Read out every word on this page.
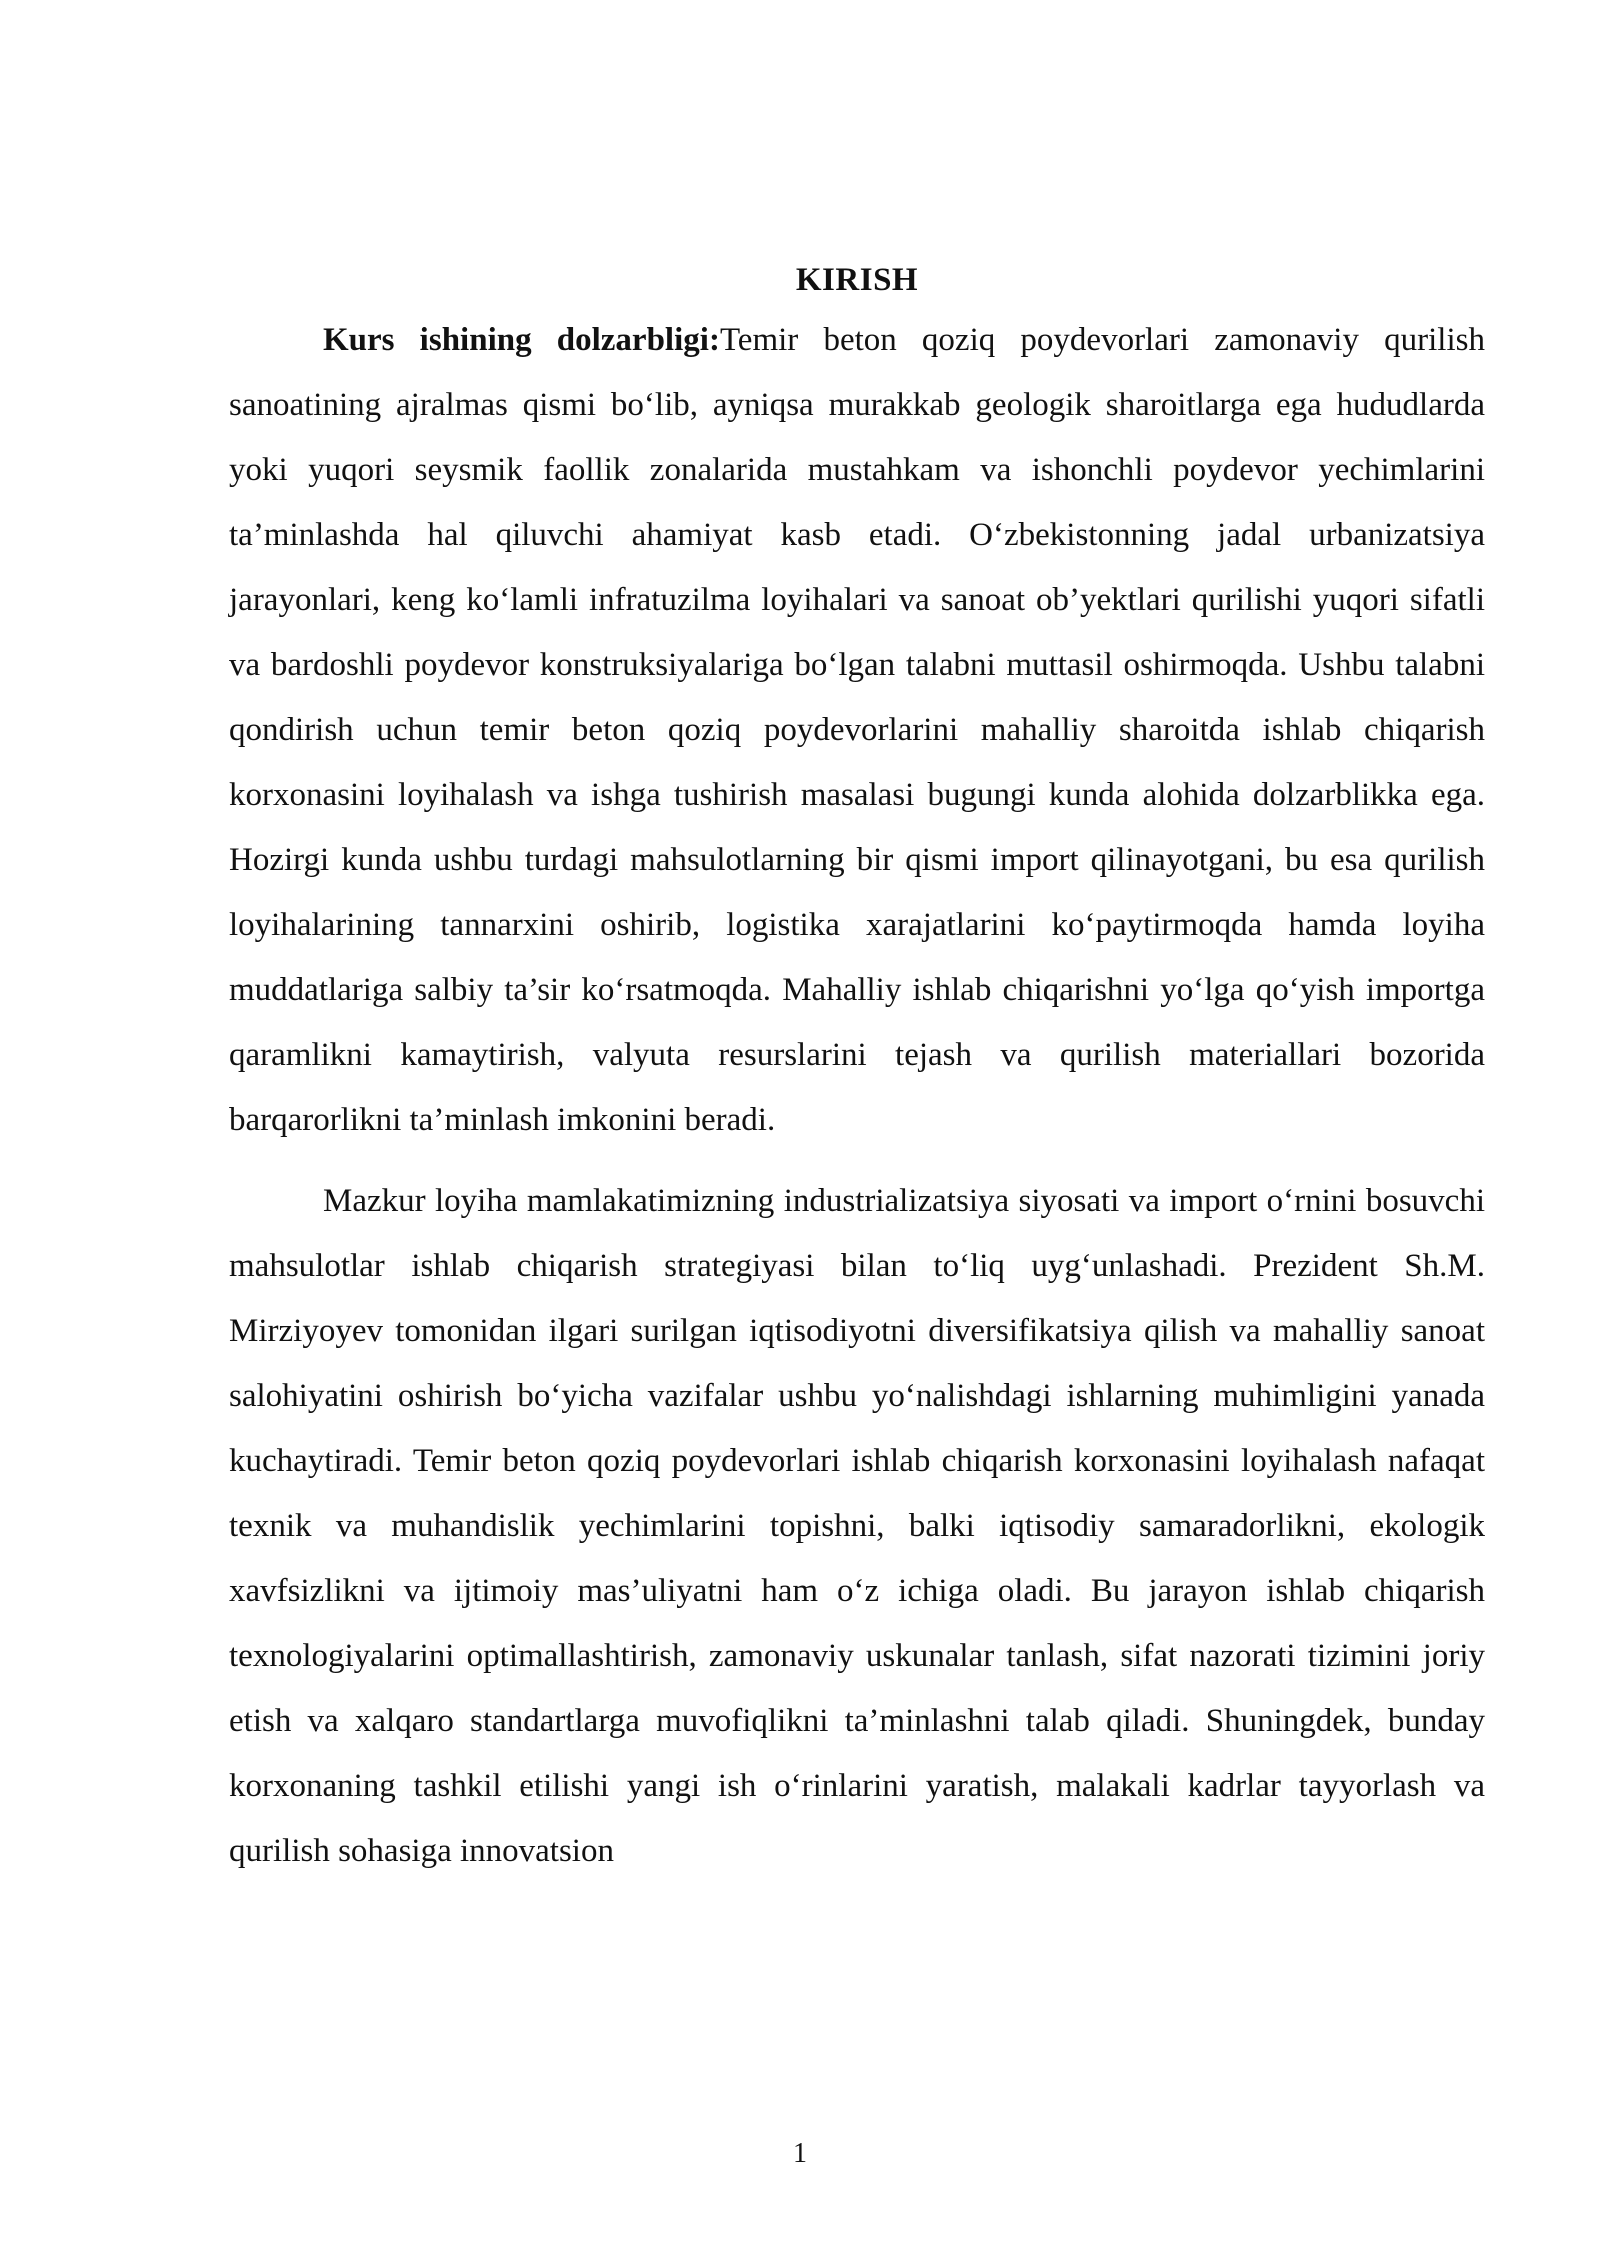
KIRISH

Kurs ishining dolzarbligi:Temir beton qoziq poydevorlari zamonaviy qurilish sanoatining ajralmas qismi bo‘lib, ayniqsa murakkab geologik sharoitlarga ega hududlarda yoki yuqori seysmik faollik zonalarida mustahkam va ishonchli poydevor yechimlarini ta’minlashda hal qiluvchi ahamiyat kasb etadi. O‘zbekistonning jadal urbanizatsiya jarayonlari, keng ko‘lamli infratuzilma loyihalari va sanoat ob’yektlari qurilishi yuqori sifatli va bardoshli poydevor konstruksiyalariga bo‘lgan talabni muttasil oshirmoqda. Ushbu talabni qondirish uchun temir beton qoziq poydevorlarini mahalliy sharoitda ishlab chiqarish korxonasini loyihalash va ishga tushirish masalasi bugungi kunda alohida dolzarblikka ega. Hozirgi kunda ushbu turdagi mahsulotlarning bir qismi import qilinayotgani, bu esa qurilish loyihalarining tannarxini oshirib, logistika xarajatlarini ko‘paytirmoqda hamda loyiha muddatlariga salbiy ta’sir ko‘rsatmoqda. Mahalliy ishlab chiqarishni yo‘lga qo‘yish importga qaramlikni kamaytirish, valyuta resurslarini tejash va qurilish materiallari bozorida barqarorlikni ta’minlash imkonini beradi.

Mazkur loyiha mamlakatimizning industrializatsiya siyosati va import o‘rnini bosuvchi mahsulotlar ishlab chiqarish strategiyasi bilan to‘liq uyg‘unlashadi. Prezident Sh.M. Mirziyoyev tomonidan ilgari surilgan iqtisodiyotni diversifikatsiya qilish va mahalliy sanoat salohiyatini oshirish bo‘yicha vazifalar ushbu yo‘nalishdagi ishlarning muhimligini yanada kuchaytiradi. Temir beton qoziq poydevorlari ishlab chiqarish korxonasini loyihalash nafaqat texnik va muhandislik yechimlarini topishni, balki iqtisodiy samaradorlikni, ekologik xavfsizlikni va ijtimoiy mas’uliyatni ham o‘z ichiga oladi. Bu jarayon ishlab chiqarish texnologiyalarini optimallashtirish, zamonaviy uskunalar tanlash, sifat nazorati tizimini joriy etish va xalqaro standartlarga muvofiqlikni ta’minlashni talab qiladi. Shuningdek, bunday korxonaning tashkil etilishi yangi ish o‘rinlarini yaratish, malakali kadrlar tayyorlash va qurilish sohasiga innovatsion

1
